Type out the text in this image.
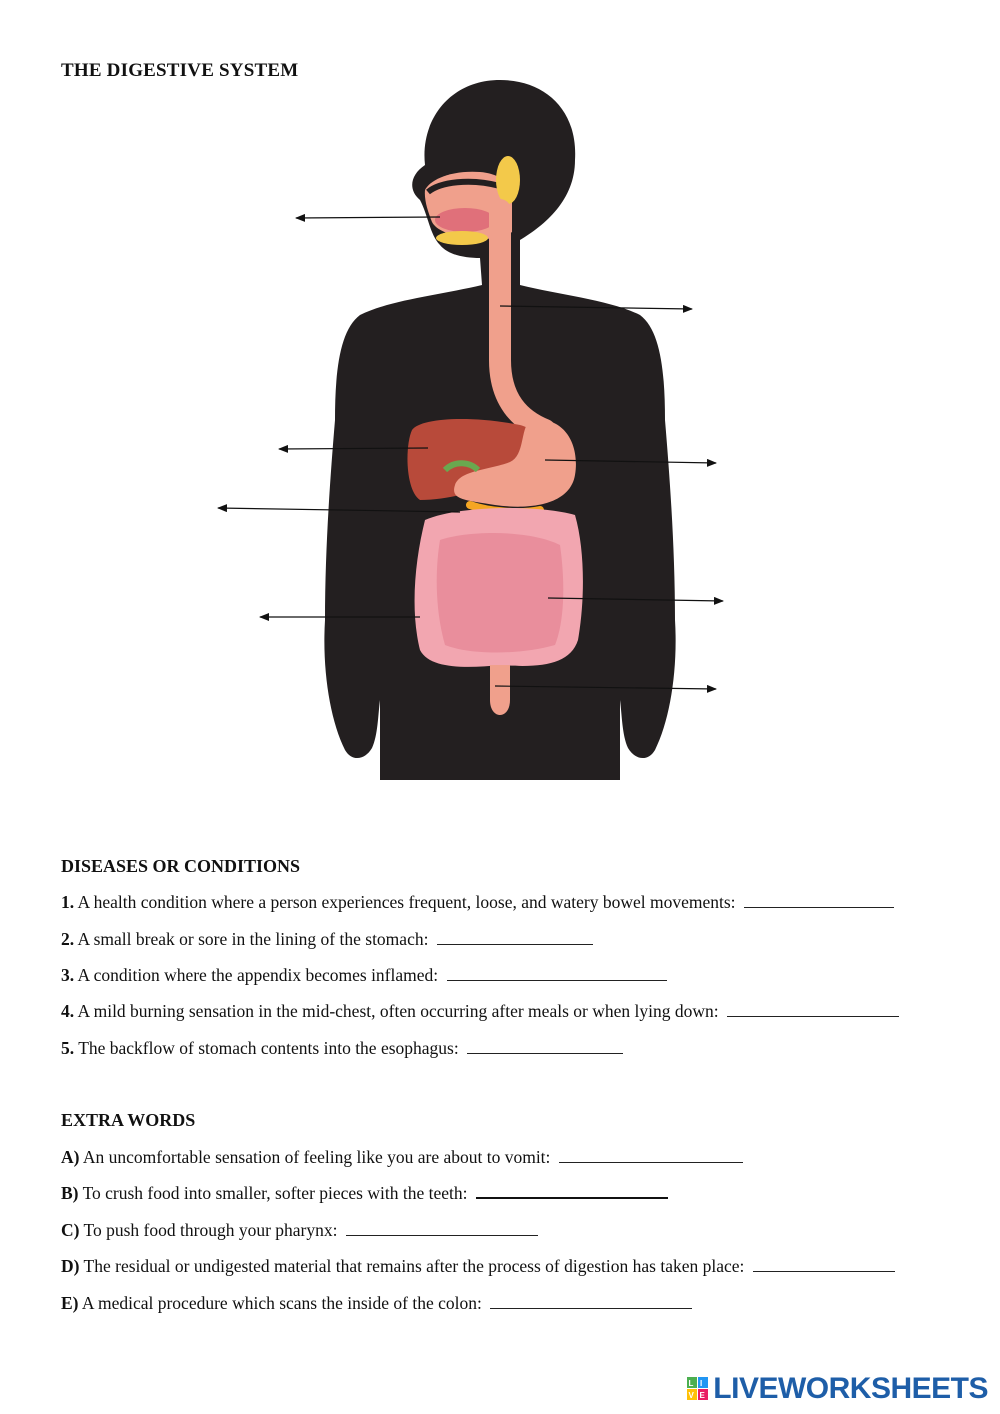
THE DIGESTIVE SYSTEM
DISEASES OR CONDITIONS
1. A health condition where a person experiences frequent, loose, and watery bowel movements:
2. A small break or sore in the lining of the stomach:
3. A condition where the appendix becomes inflamed:
4. A mild burning sensation in the mid-chest, often occurring after meals or when lying down:
5. The backflow of stomach contents into the esophagus:
EXTRA WORDS
A) An uncomfortable sensation of feeling like you are about to vomit:
B) To crush food into smaller, softer pieces with the teeth:
C) To push food through your pharynx:
D) The residual or undigested material that remains after the process of digestion has taken place:
E) A medical procedure which scans the inside of the colon:
L I
V E LIVEWORKSHEETS
